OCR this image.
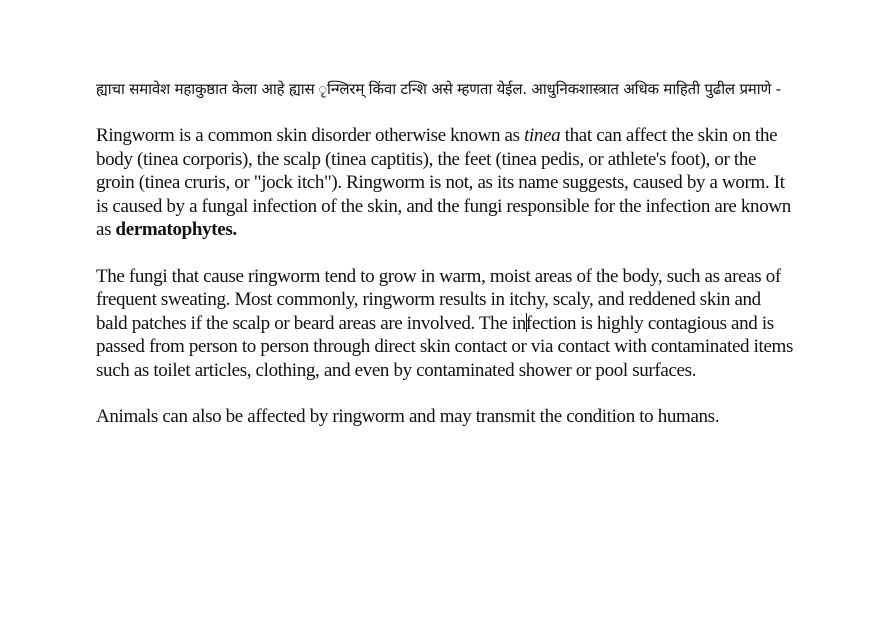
ह्याचा समावेश महाकुष्ठात केला आहे ह्यास ृन्ग्लिरम् किंवा टन्शि असे म्हणता येईल. आधुनिकशास्त्रात अधिक माहिती पुढील प्रमाणे -

Ringworm is a common skin disorder otherwise known as tinea that can affect the skin on the body (tinea corporis), the scalp (tinea captitis), the feet (tinea pedis, or athlete's foot), or the groin (tinea cruris, or "jock itch"). Ringworm is not, as its name suggests, caused by a worm. It is caused by a fungal infection of the skin, and the fungi responsible for the infection are known as dermatophytes.

The fungi that cause ringworm tend to grow in warm, moist areas of the body, such as areas of frequent sweating. Most commonly, ringworm results in itchy, scaly, and reddened skin and bald patches if the scalp or beard areas are involved. The infection is highly contagious and is passed from person to person through direct skin contact or via contact with contaminated items such as toilet articles, clothing, and even by contaminated shower or pool surfaces.

Animals can also be affected by ringworm and may transmit the condition to humans.
